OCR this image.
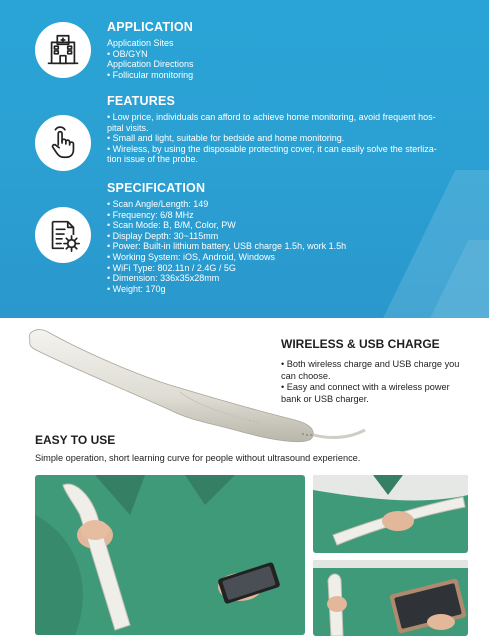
APPLICATION
Application Sites
• OB/GYN
Application Directions
• Follicular monitoring
FEATURES
• Low price, individuals can afford to achieve home monitoring, avoid frequent hos-
pital visits.
• Small and light, suitable for bedside and home monitoring.
• Wireless, by using the disposable protecting cover, it can easily solve the sterliza-
tion issue of the probe.
SPECIFICATION
• Scan Angle/Length: 149
• Frequency: 6/8 MHz
• Scan Mode: B, B/M, Color, PW
• Display Depth: 30~115mm
• Power: Built-in lithium battery, USB charge 1.5h, work 1.5h
• Working System: iOS, Android, Windows
• WiFi Type: 802.11n / 2.4G / 5G
• Dimension: 336x35x28mm
• Weight: 170g
· · ·
WIRELESS & USB CHARGE
• Both wireless charge and USB charge you
can choose.
• Easy and connect with a wireless power
bank or USB charger.
EASY TO USE
Simple operation, short learning curve for people without ultrasound experience.
